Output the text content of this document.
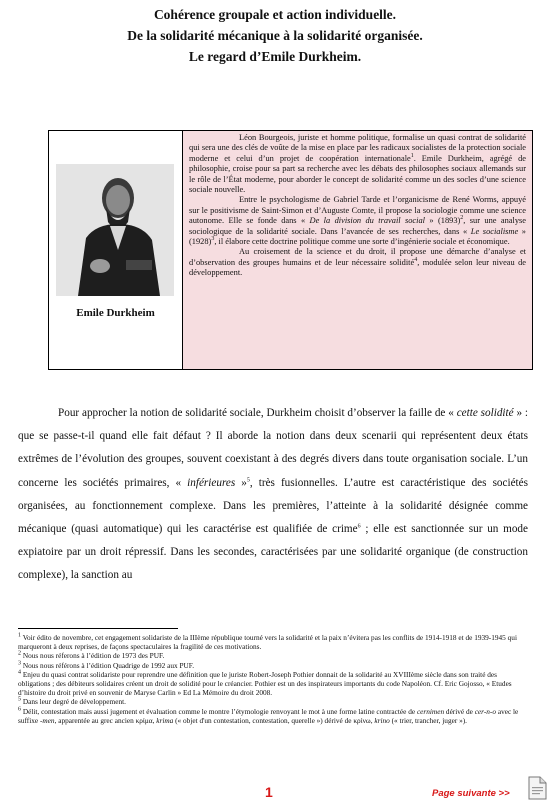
Cohérence groupale et action individuelle.
De la solidarité mécanique à la solidarité organisée.
Le regard d’Emile Durkheim.
Emile Durkheim

Léon Bourgeois, juriste et homme politique, formalise un quasi contrat de solidarité qui sera une des clés de voûte de la mise en place par les radicaux socialistes de la protection sociale moderne et celui d’un projet de coopération internationale$^1$. Emile Durkheim, agrégé de philosophie, croise pour sa part sa recherche avec les débats des philosophes sociaux allemands sur le rôle de l’État moderne, pour aborder le concept de solidarité comme un des socles d’une science sociale nouvelle.

Entre le psychologisme de Gabriel Tarde et l’organicisme de René Worms, appuyé sur le positivisme de Saint-Simon et d’Auguste Comte, il propose la sociologie comme une science autonome. Elle se fonde dans « De la division du travail social » $(1893)^2$, sur une analyse sociologique de la solidarité sociale. Dans l’avancée de ses recherches, dans « Le socialisme » $(1928)^3$, il élabore cette doctrine politique comme une sorte d’ingénierie sociale et économique.

Au croisement de la science et du droit, il propose une démarche d’analyse et d’observation des groupes humains et de leur nécessaire solidité$^4$, modulée selon leur niveau de développement.

Pour approcher la notion de solidarité sociale, Durkheim choisit d’observer la faille de « cette solidité » : que se passe-t-il quand elle fait défaut ? Il aborde la notion dans deux scenarii qui représentent deux états extrêmes de l’évolution des groupes, souvent coexistant à des degrés divers dans toute organisation sociale. L’un concerne les sociétés primaires, « inférieures »$^5$, très fusionnelles. L’autre est caractéristique des sociétés organisées, au fonctionnement complexe. Dans les premières, l’atteinte à la solidarité désignée comme mécanique (quasi automatique) qui les caractérise est qualifiée de crime$^6$ ; elle est sanctionnée sur un mode expiatoire par un droit répressif. Dans les secondes, caractérisées par une solidarité organique (de construction complexe), la sanction au

$^1$ Voir édito de novembre, cet engagement solidariste de la IIIème république tourné vers la solidarité et la paix n’évitera pas les conflits de 1914-1918 et de 1939-1945 qui marqueront à deux reprises, de façons spectaculaires la fragilité de ces motivations.

$^2$ Nous nous réferons à l’édition de 1973 des PUF.

$^3$ Nous nous référons à l’édition Quadrige de 1992 aux PUF.

$^4$ Enjeu du quasi contrat solidariste pour reprendre une définition que le juriste Robert-Joseph Pothier donnait de la solidarité au XVIIIème siècle dans son traité des obligations ; des débiteurs solidaires créent un droit de solidité pour le créancier. Pothier est un des inspirateurs importants du code Napoléon. Cf. Eric Gojosso, « Etudes d’histoire du droit privé en souvenir de Maryse Carlin » Ed La Mémoire du droit 2008.

$^5$ Dans leur degré de développement.

$^6$ Délit, contestation mais aussi jugement et évaluation comme le montre l’étymologie renvoyant le mot à une forme latine contractée de cernimen dérivé de cer-n-o avec le suffixe -men, apparentée au grec ancien κρίμα, krima (« objet d'un contestation, contestation, querelle ») dérivé de κρίνω, krino (« trier, trancher, juger »).

1	Page suivante >>
